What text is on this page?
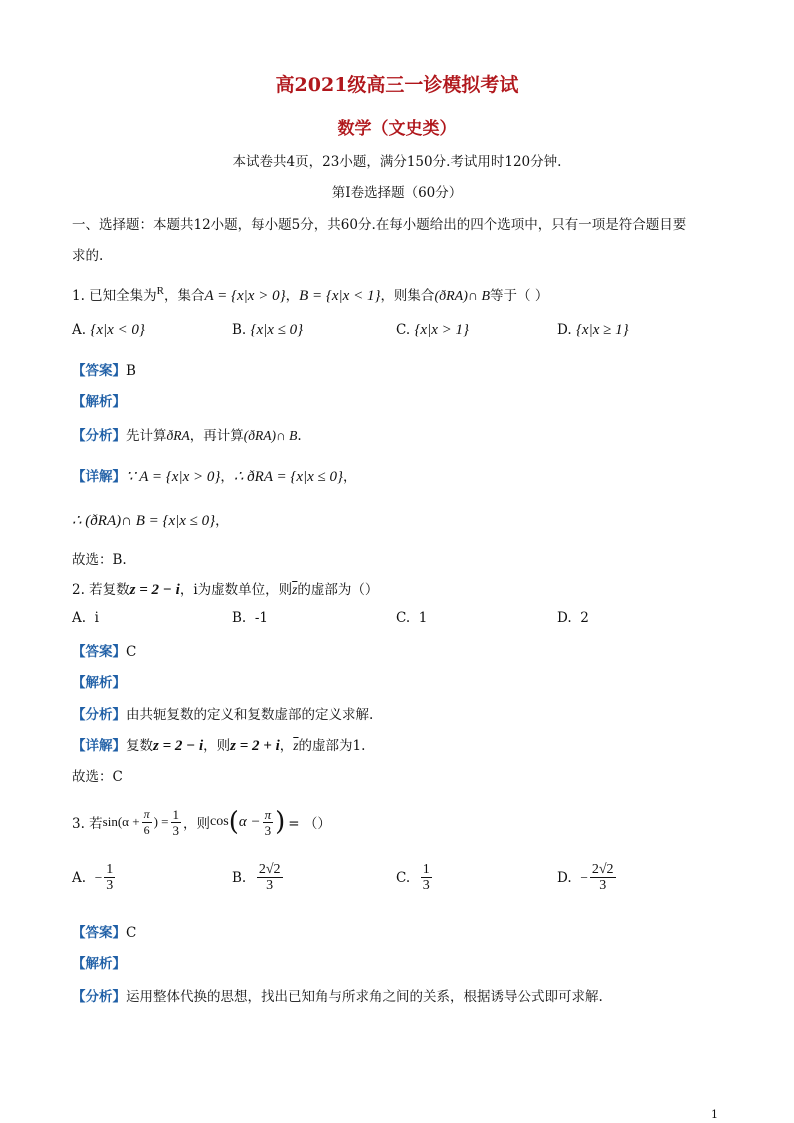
高2021级高三一诊模拟考试
数学（文史类）
本试卷共4页，23小题，满分150分.考试用时120分钟.
第Ⅰ卷选择题（60分）
一、选择题：本题共12小题，每小题5分，共60分.在每小题给出的四个选项中，只有一项是符合题目要
求的.
1. 已知全集为$^R$，集合A = {x|x > 0}，B = {x|x < 1}，则集合(ðRA)∩ B等于（ ）
A. {x|x < 0}	B. {x|x ≤ 0}	C. {x|x > 1}	D. {x|x ≥ 1}
【答案】B
【解析】
【分析】先计算ðRA，再计算(ðRA)∩ B.
【详解】∵ A = {x|x > 0}，∴ ðRA = {x|x ≤ 0}，
∴ (ðRA)∩ B = {x|x ≤ 0}，
故选：B.
2. 若复数z = 2 − i，i为虚数单位，则$\overline{z}$的虚部为（）
A. i	B. -1	C. 1	D. 2
【答案】C
【解析】
【分析】由共轭复数的定义和复数虚部的定义求解.
【详解】复数z = 2 − i，则z = 2 + i，$\overline{z}$的虚部为1.
故选：C
3. 若 $\sin(\alpha + \frac{\pi}{6}$ ) = $\frac{1}{3}$ ，则 cos ( $\alpha - \frac{\pi}{3}$ ) = （）
A.
− $\frac{1}{3}$	B.
$\frac{2√2}{3}$	C.
$\frac{1}{3}$	D.
− $\frac{2√2}{3}$
【答案】C
【解析】
【分析】运用整体代换的思想，找出已知角与所求角之间的关系，根据诱导公式即可求解.
1
